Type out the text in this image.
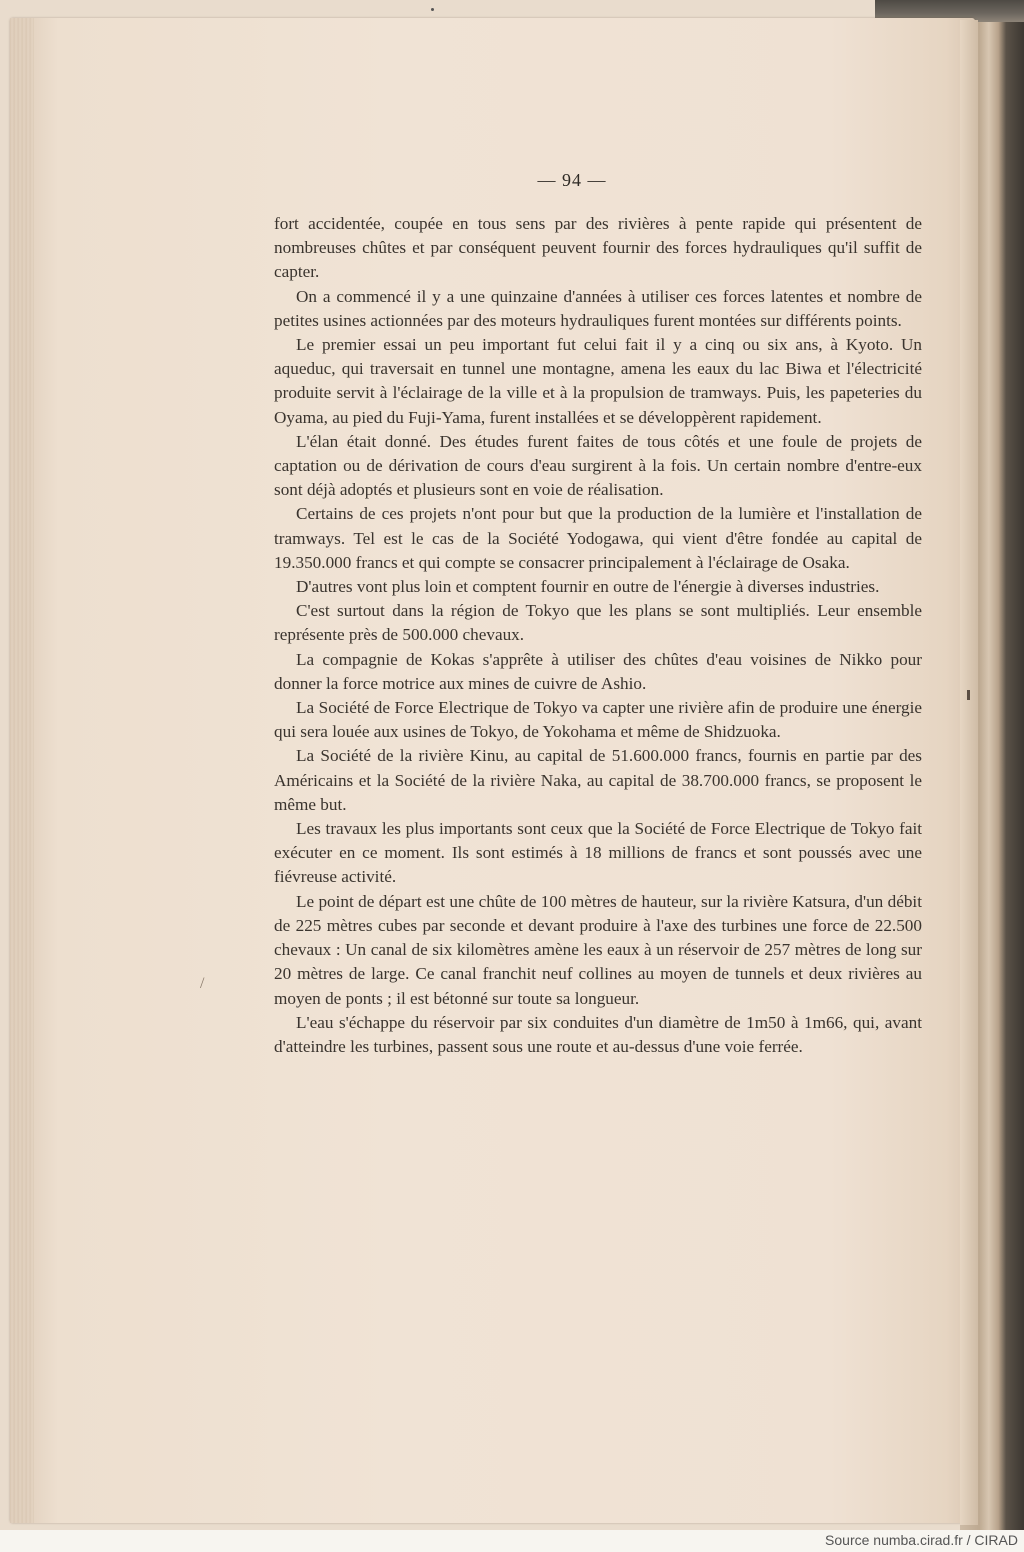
— 94 —

fort accidentée, coupée en tous sens par des rivières à pente rapide qui présentent de nombreuses chûtes et par conséquent peuvent fournir des forces hydrauliques qu'il suffit de capter.

On a commencé il y a une quinzaine d'années à utiliser ces forces latentes et nombre de petites usines actionnées par des moteurs hydrauliques furent montées sur différents points.

Le premier essai un peu important fut celui fait il y a cinq ou six ans, à Kyoto. Un aqueduc, qui traversait en tunnel une montagne, amena les eaux du lac Biwa et l'électricité produite servit à l'éclairage de la ville et à la propulsion de tramways. Puis, les papeteries du Oyama, au pied du Fuji-Yama, furent installées et se développèrent rapidement.

L'élan était donné. Des études furent faites de tous côtés et une foule de projets de captation ou de dérivation de cours d'eau surgirent à la fois. Un certain nombre d'entre-eux sont déjà adoptés et plusieurs sont en voie de réalisation.

Certains de ces projets n'ont pour but que la production de la lumière et l'installation de tramways. Tel est le cas de la Société Yodogawa, qui vient d'être fondée au capital de 19.350.000 francs et qui compte se consacrer principalement à l'éclairage de Osaka.

D'autres vont plus loin et comptent fournir en outre de l'énergie à diverses industries.

C'est surtout dans la région de Tokyo que les plans se sont multipliés. Leur ensemble représente près de 500.000 chevaux.

La compagnie de Kokas s'apprête à utiliser des chûtes d'eau voisines de Nikko pour donner la force motrice aux mines de cuivre de Ashio.

La Société de Force Electrique de Tokyo va capter une rivière afin de produire une énergie qui sera louée aux usines de Tokyo, de Yokohama et même de Shidzuoka.

La Société de la rivière Kinu, au capital de 51.600.000 francs, fournis en partie par des Américains et la Société de la rivière Naka, au capital de 38.700.000 francs, se proposent le même but.

Les travaux les plus importants sont ceux que la Société de Force Electrique de Tokyo fait exécuter en ce moment. Ils sont estimés à 18 millions de francs et sont poussés avec une fiévreuse activité.

Le point de départ est une chûte de 100 mètres de hauteur, sur la rivière Katsura, d'un débit de 225 mètres cubes par seconde et devant produire à l'axe des turbines une force de 22.500 chevaux : Un canal de six kilomètres amène les eaux à un réservoir de 257 mètres de long sur 20 mètres de large. Ce canal franchit neuf collines au moyen de tunnels et deux rivières au moyen de ponts ; il est bétonné sur toute sa longueur.

L'eau s'échappe du réservoir par six conduites d'un diamètre de 1m50 à 1m66, qui, avant d'atteindre les turbines, passent sous une route et au-dessus d'une voie ferrée.

/
Source numba.cirad.fr / CIRAD
